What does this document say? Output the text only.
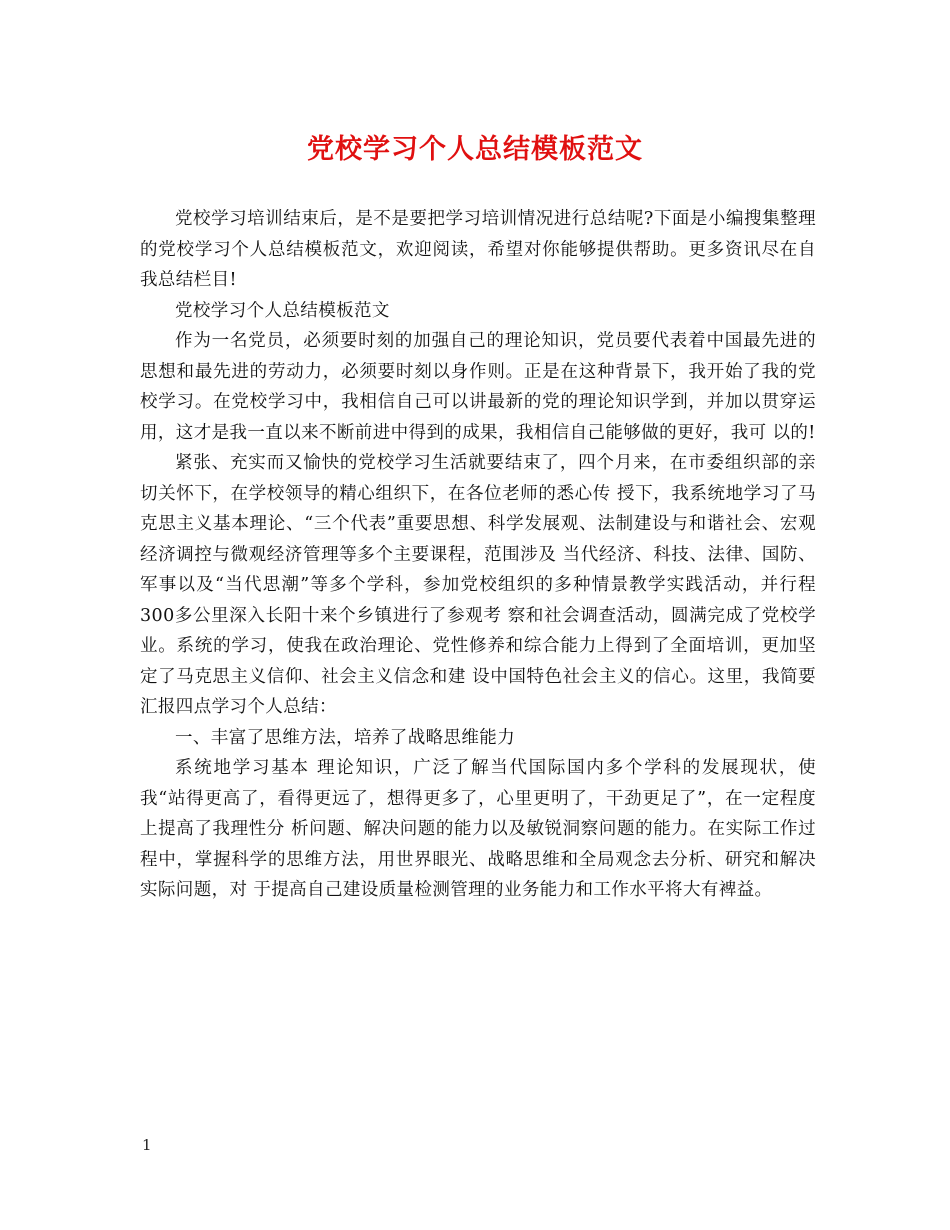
党校学习个人总结模板范文

党校学习培训结束后，是不是要把学习培训情况进行总结呢?下面是小编搜集整理的党校学习个人总结模板范文，欢迎阅读，希望对你能够提供帮助。更多资讯尽在自我总结栏目!

党校学习个人总结模板范文

作为一名党员，必须要时刻的加强自己的理论知识，党员要代表着中国最先进的思想和最先进的劳动力，必须要时刻以身作则。正是在这种背景下，我开始了我的党 校学习。在党校学习中，我相信自己可以讲最新的党的理论知识学到，并加以贯穿运用，这才是我一直以来不断前进中得到的成果，我相信自己能够做的更好，我可 以的!

紧张、充实而又愉快的党校学习生活就要结束了，四个月来，在市委组织部的亲切关怀下，在学校领导的精心组织下，在各位老师的悉心传 授下，我系统地学习了马克思主义基本理论、“三个代表”重要思想、科学发展观、法制建设与和谐社会、宏观经济调控与微观经济管理等多个主要课程，范围涉及 当代经济、科技、法律、国防、军事以及“当代思潮”等多个学科，参加党校组织的多种情景教学实践活动，并行程300多公里深入长阳十来个乡镇进行了参观考 察和社会调查活动，圆满完成了党校学业。系统的学习，使我在政治理论、党性修养和综合能力上得到了全面培训，更加坚定了马克思主义信仰、社会主义信念和建 设中国特色社会主义的信心。这里，我简要汇报四点学习个人总结：

一、丰富了思维方法，培养了战略思维能力

系统地学习基本 理论知识，广泛了解当代国际国内多个学科的发展现状，使我“站得更高了，看得更远了，想得更多了，心里更明了，干劲更足了”，在一定程度上提高了我理性分 析问题、解决问题的能力以及敏锐洞察问题的能力。在实际工作过程中，掌握科学的思维方法，用世界眼光、战略思维和全局观念去分析、研究和解决实际问题，对 于提高自己建设质量检测管理的业务能力和工作水平将大有裨益。

1
